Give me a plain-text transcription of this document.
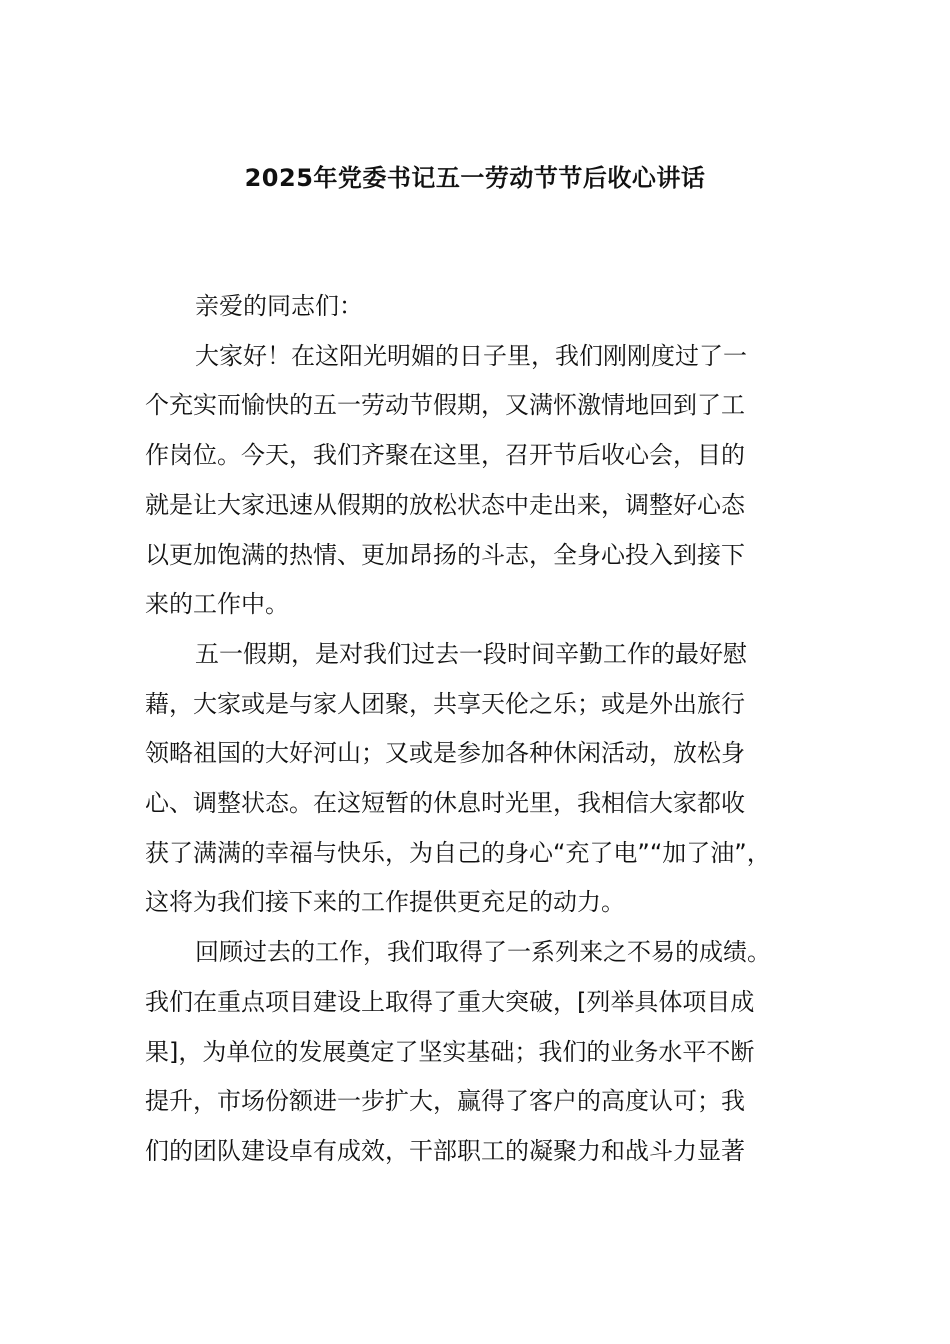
2025年党委书记五一劳动节节后收心讲话

亲爱的同志们：

大家好！在这阳光明媚的日子里，我们刚刚度过了一
个充实而愉快的五一劳动节假期，又满怀激情地回到了工
作岗位。今天，我们齐聚在这里，召开节后收心会，目的
就是让大家迅速从假期的放松状态中走出来，调整好心态
以更加饱满的热情、更加昂扬的斗志，全身心投入到接下
来的工作中。

五一假期，是对我们过去一段时间辛勤工作的最好慰
藉，大家或是与家人团聚，共享天伦之乐；或是外出旅行
领略祖国的大好河山；又或是参加各种休闲活动，放松身
心、调整状态。在这短暂的休息时光里，我相信大家都收
获了满满的幸福与快乐，为自己的身心“充了电”“加了油”，
这将为我们接下来的工作提供更充足的动力。

回顾过去的工作，我们取得了一系列来之不易的成绩。
我们在重点项目建设上取得了重大突破，[列举具体项目成
果]，为单位的发展奠定了坚实基础；我们的业务水平不断
提升，市场份额进一步扩大，赢得了客户的高度认可；我
们的团队建设卓有成效，干部职工的凝聚力和战斗力显著
